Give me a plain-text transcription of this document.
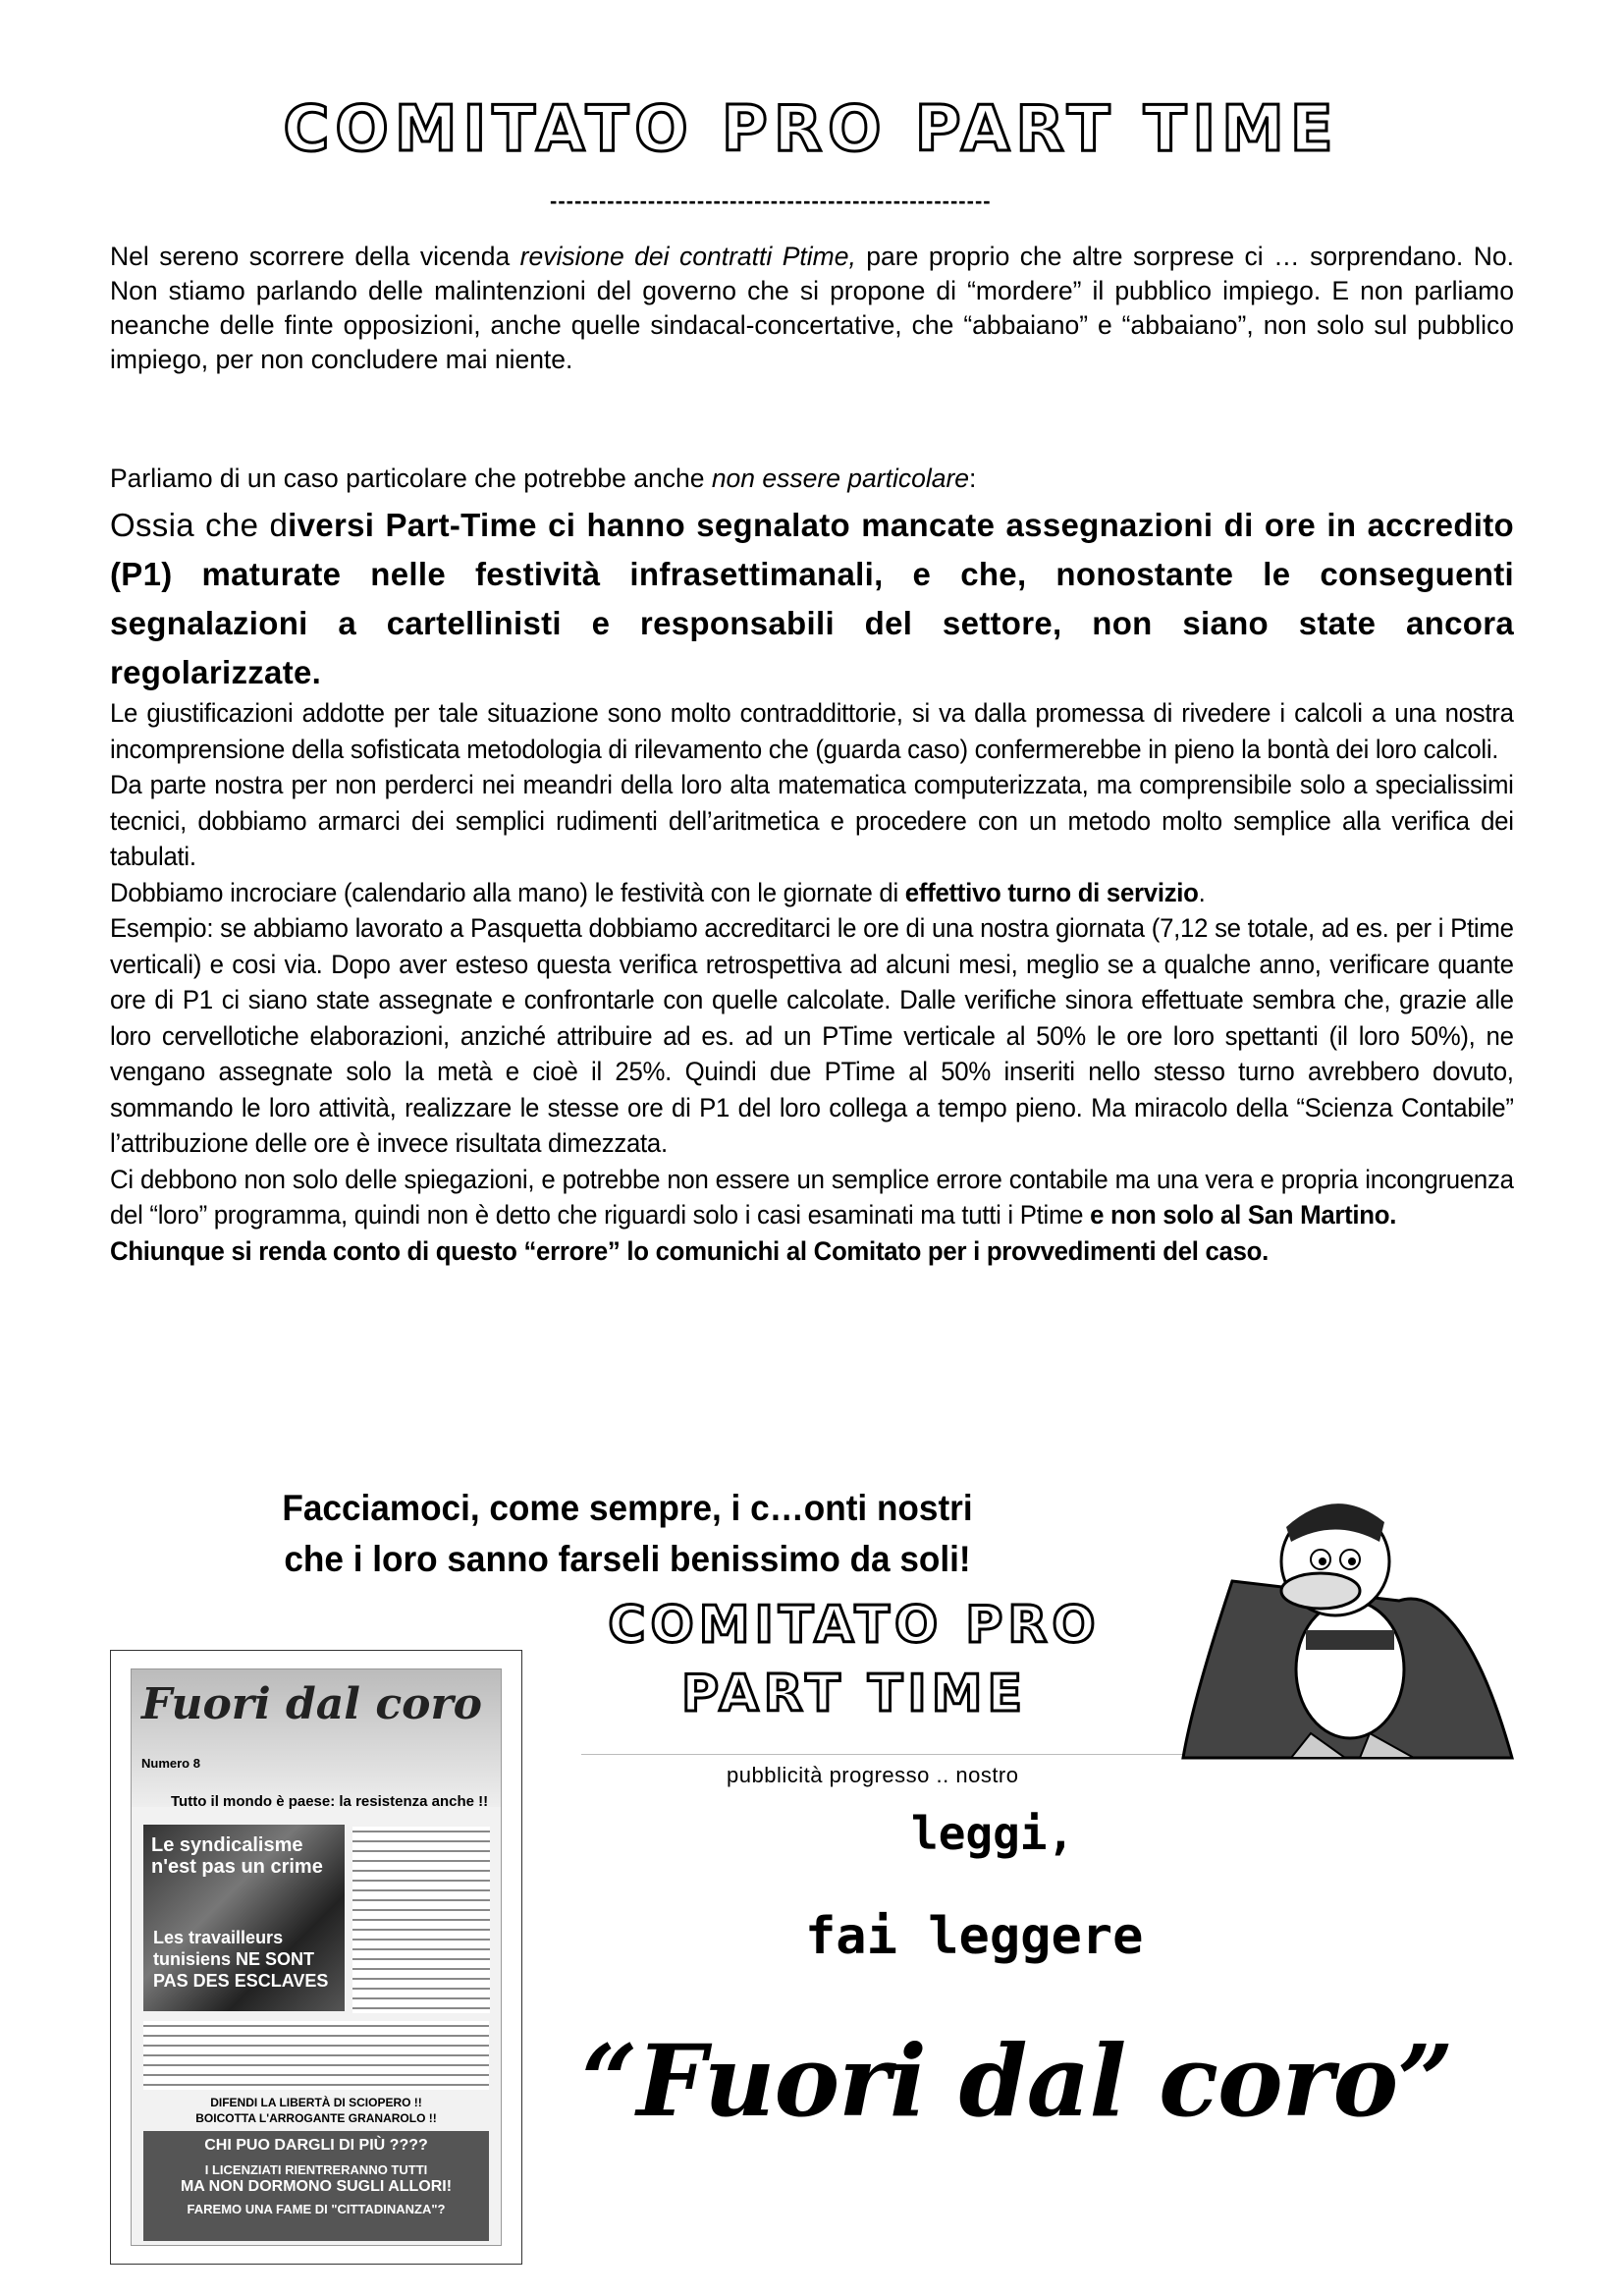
COMITATO PRO PART TIME
------------------------------------------------------
Nel sereno scorrere della vicenda revisione dei contratti Ptime, pare proprio che altre sorprese ci … sorprendano. No. Non stiamo parlando delle malintenzioni del governo che si propone di “mordere” il pubblico impiego. E non parliamo neanche delle finte opposizioni, anche quelle sindacal-concertative, che “abbaiano” e “abbaiano”, non solo sul pubblico impiego, per non concludere mai niente.
Parliamo di un caso particolare che potrebbe anche non essere particolare:
Ossia che diversi Part-Time ci hanno segnalato mancate assegnazioni di ore in accredito (P1) maturate nelle festività infrasettimanali, e che, nonostante le conseguenti segnalazioni a cartellinisti e responsabili del settore, non siano state ancora regolarizzate.
Le giustificazioni addotte per tale situazione sono molto contraddittorie, si va dalla promessa di rivedere i calcoli a una nostra incomprensione della sofisticata metodologia di rilevamento che (guarda caso) confermerebbe in pieno la bontà dei loro calcoli.
Da parte nostra per non perderci nei meandri della loro alta matematica computerizzata, ma comprensibile solo a specialissimi tecnici, dobbiamo armarci dei semplici rudimenti dell’aritmetica e procedere con un metodo molto semplice alla verifica dei tabulati.
Dobbiamo incrociare (calendario alla mano) le festività con le giornate di effettivo turno di servizio.
Esempio: se abbiamo lavorato a Pasquetta dobbiamo accreditarci le ore di una nostra giornata (7,12 se totale, ad es. per i Ptime verticali) e cosi via. Dopo aver esteso questa verifica retrospettiva ad alcuni mesi, meglio se a qualche anno, verificare quante ore di P1 ci siano state assegnate e confrontarle con quelle calcolate. Dalle verifiche sinora effettuate sembra che, grazie alle loro cervellotiche elaborazioni, anziché attribuire ad es. ad un PTime verticale al 50% le ore loro spettanti (il loro 50%), ne vengano assegnate solo la metà e cioè il 25%. Quindi due PTime al 50% inseriti nello stesso turno avrebbero dovuto, sommando le loro attività, realizzare le stesse ore di P1 del loro collega a tempo pieno. Ma miracolo della “Scienza Contabile” l’attribuzione delle ore è invece risultata dimezzata.
Ci debbono non solo delle spiegazioni, e potrebbe non essere un semplice errore contabile ma una vera e propria incongruenza del “loro” programma, quindi non è detto che riguardi solo i casi esaminati ma tutti i Ptime e non solo al San Martino.
Chiunque si renda conto di questo “errore” lo comunichi al Comitato per i provvedimenti del caso.
Facciamoci, come sempre, i c…onti nostri
che i loro sanno farseli benissimo da soli!
Fuori dal coro
Numero 8
Tutto il mondo è paese: la resistenza anche !!
Le syndicalisme n'est pas un crime
Les travailleurs tunisiens NE SONT PAS DES ESCLAVES
DIFENDI LA LIBERTÀ DI SCIOPERO !!
BOICOTTA L'ARROGANTE GRANAROLO !!
CHI PUO DARGLI DI PIÙ ????
I LICENZIATI RIENTRERANNO TUTTI
MA NON DORMONO SUGLI ALLORI!
FAREMO UNA FAME DI "CITTADINANZA"?
COMITATO PRO
PART TIME
pubblicità progresso .. nostro
leggi,
fai leggere
“Fuori dal coro”
